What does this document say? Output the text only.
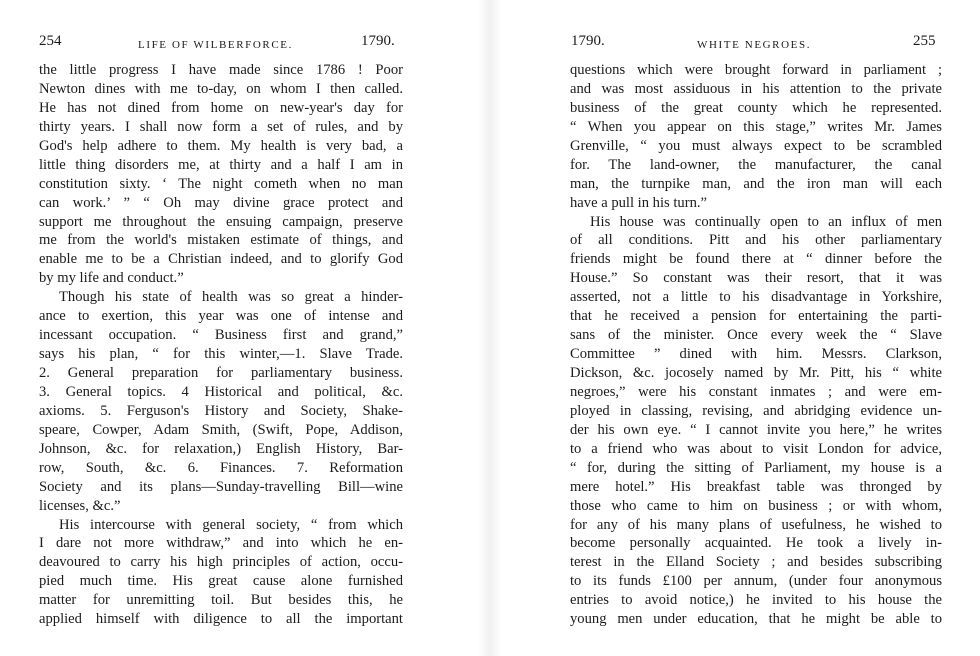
254	LIFE OF WILBERFORCE.	1790.
the little progress I have made since 1786 ! Poor
Newton dines with me to-day, on whom I then called.
He has not dined from home on new-year's day for
thirty years. I shall now form a set of rules, and by
God's help adhere to them. My health is very bad, a
little thing disorders me, at thirty and a half I am in
constitution sixty. ‘ The night cometh when no man
can work.’ ” “ Oh may divine grace protect and
support me throughout the ensuing campaign, preserve
me from the world's mistaken estimate of things, and
enable me to be a Christian indeed, and to glorify God
by my life and conduct.”
Though his state of health was so great a hinder-
ance to exertion, this year was one of intense and
incessant occupation. “ Business first and grand,”
says his plan, “ for this winter,—1. Slave Trade.
2. General preparation for parliamentary business.
3. General topics. 4 Historical and political, &c.
axioms. 5. Ferguson's History and Society, Shake-
speare, Cowper, Adam Smith, (Swift, Pope, Addison,
Johnson, &c. for relaxation,) English History, Bar-
row, South, &c. 6. Finances. 7. Reformation
Society and its plans—Sunday-travelling Bill—wine
licenses, &c.”
His intercourse with general society, “ from which
I dare not more withdraw,” and into which he en-
deavoured to carry his high principles of action, occu-
pied much time. His great cause alone furnished
matter for unremitting toil. But besides this, he
applied himself with diligence to all the important
1790.	WHITE NEGROES.	255
questions which were brought forward in parliament ;
and was most assiduous in his attention to the private
business of the great county which he represented.
“ When you appear on this stage,” writes Mr. James
Grenville, “ you must always expect to be scrambled
for. The land-owner, the manufacturer, the canal
man, the turnpike man, and the iron man will each
have a pull in his turn.”
His house was continually open to an influx of men
of all conditions. Pitt and his other parliamentary
friends might be found there at “ dinner before the
House.” So constant was their resort, that it was
asserted, not a little to his disadvantage in Yorkshire,
that he received a pension for entertaining the parti-
sans of the minister. Once every week the “ Slave
Committee ” dined with him. Messrs. Clarkson,
Dickson, &c. jocosely named by Mr. Pitt, his “ white
negroes,” were his constant inmates ; and were em-
ployed in classing, revising, and abridging evidence un-
der his own eye. “ I cannot invite you here,” he writes
to a friend who was about to visit London for advice,
“ for, during the sitting of Parliament, my house is a
mere hotel.” His breakfast table was thronged by
those who came to him on business ; or with whom,
for any of his many plans of usefulness, he wished to
become personally acquainted. He took a lively in-
terest in the Elland Society ; and besides subscribing
to its funds £100 per annum, (under four anonymous
entries to avoid notice,) he invited to his house the
young men under education, that he might be able to
